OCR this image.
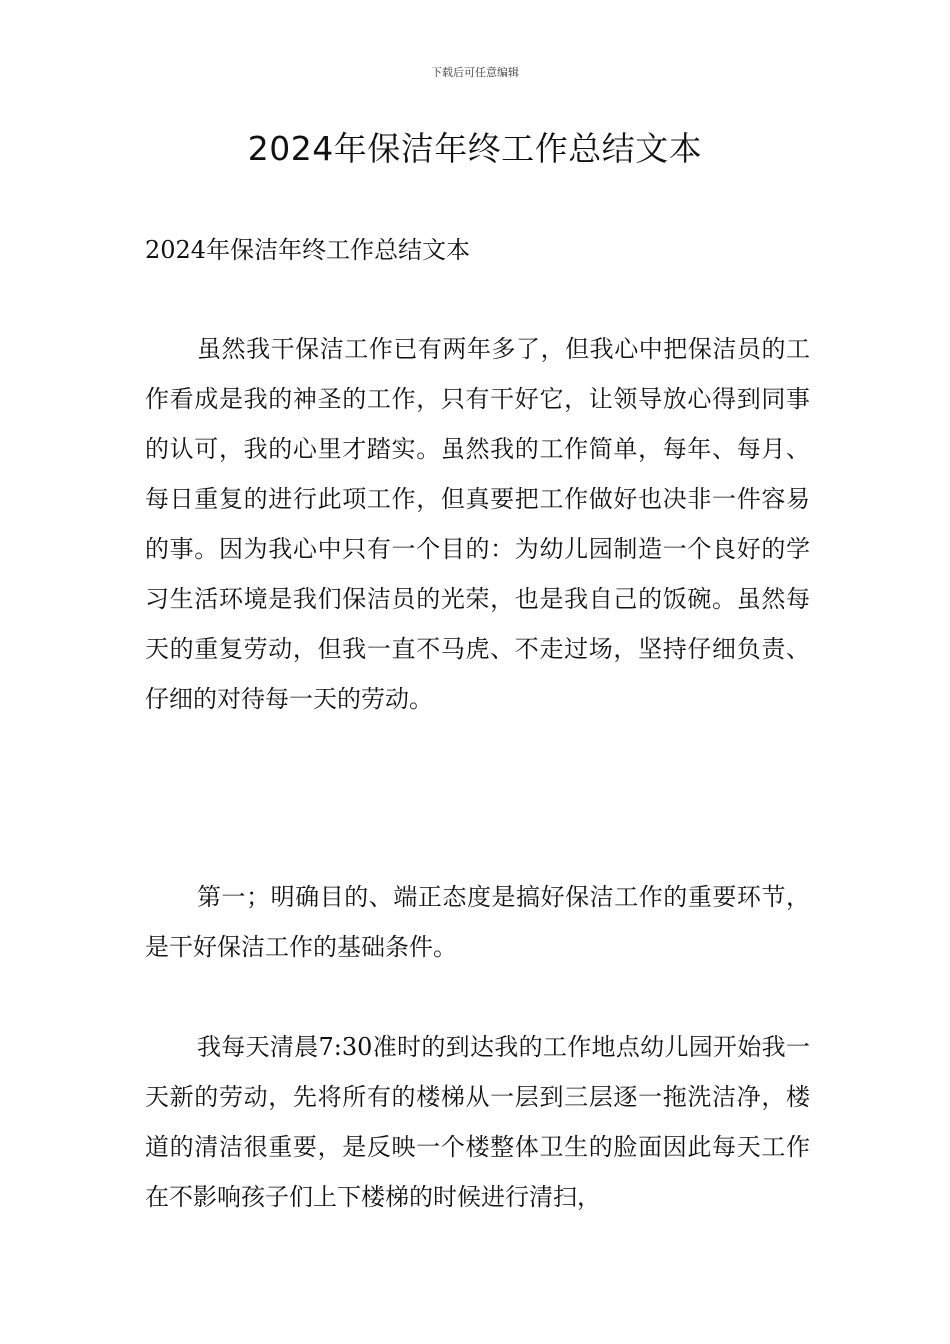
下载后可任意编辑
2024年保洁年终工作总结文本
2024年保洁年终工作总结文本

虽然我干保洁工作已有两年多了，但我心中把保洁员的工作看成是我的神圣的工作，只有干好它，让领导放心得到同事的认可，我的心里才踏实。虽然我的工作简单，每年、每月、每日重复的进行此项工作，但真要把工作做好也决非一件容易的事。因为我心中只有一个目的：为幼儿园制造一个良好的学习生活环境是我们保洁员的光荣，也是我自己的饭碗。虽然每天的重复劳动，但我一直不马虎、不走过场，坚持仔细负责、仔细的对待每一天的劳动。

第一；明确目的、端正态度是搞好保洁工作的重要环节，是干好保洁工作的基础条件。

我每天清晨7:30准时的到达我的工作地点幼儿园开始我一天新的劳动，先将所有的楼梯从一层到三层逐一拖洗洁净，楼道的清洁很重要，是反映一个楼整体卫生的脸面因此每天工作在不影响孩子们上下楼梯的时候进行清扫，
